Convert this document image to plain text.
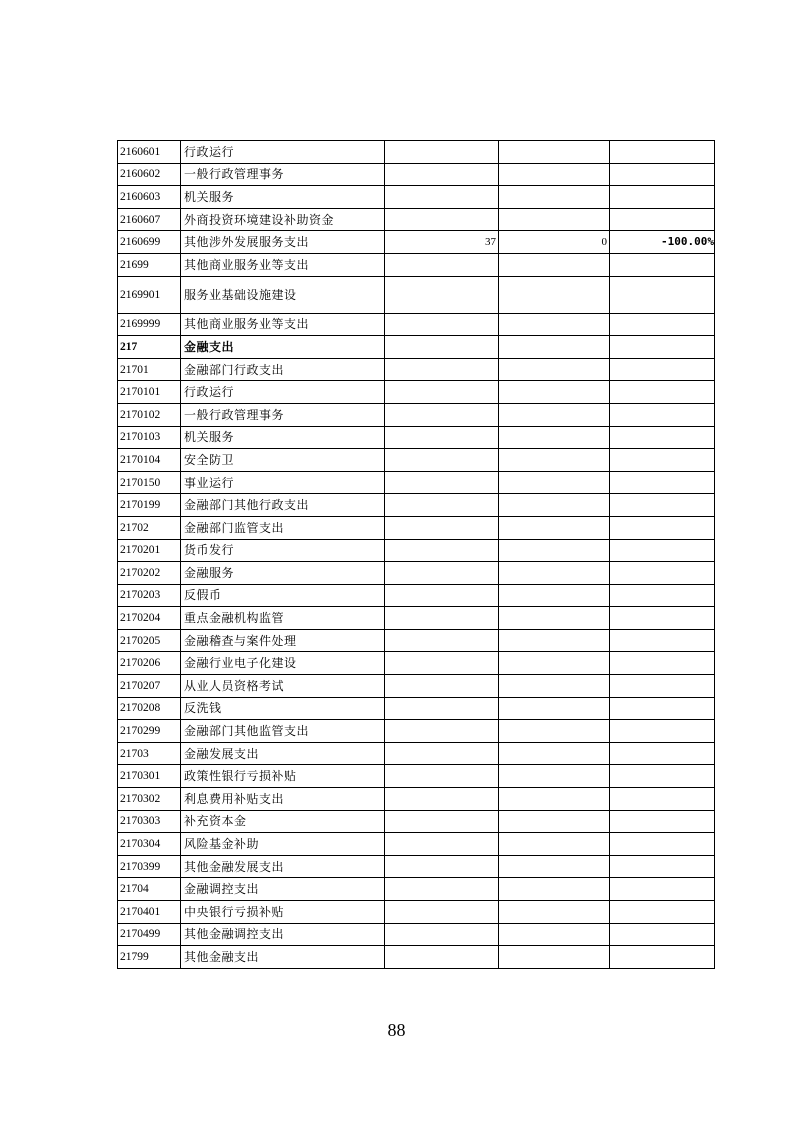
2160601	行政运行			
2160602	一般行政管理事务			
2160603	机关服务			
2160607	外商投资环境建设补助资金			
2160699	其他涉外发展服务支出	37	0	-100.00%
21699	其他商业服务业等支出			
2169901	服务业基础设施建设			
2169999	其他商业服务业等支出			
217	金融支出			
21701	金融部门行政支出			
2170101	行政运行			
2170102	一般行政管理事务			
2170103	机关服务			
2170104	安全防卫			
2170150	事业运行			
2170199	金融部门其他行政支出			
21702	金融部门监管支出			
2170201	货币发行			
2170202	金融服务			
2170203	反假币			
2170204	重点金融机构监管			
2170205	金融稽查与案件处理			
2170206	金融行业电子化建设			
2170207	从业人员资格考试			
2170208	反洗钱			
2170299	金融部门其他监管支出			
21703	金融发展支出			
2170301	政策性银行亏损补贴			
2170302	利息费用补贴支出			
2170303	补充资本金			
2170304	风险基金补助			
2170399	其他金融发展支出			
21704	金融调控支出			
2170401	中央银行亏损补贴			
2170499	其他金融调控支出			
21799	其他金融支出			
88
